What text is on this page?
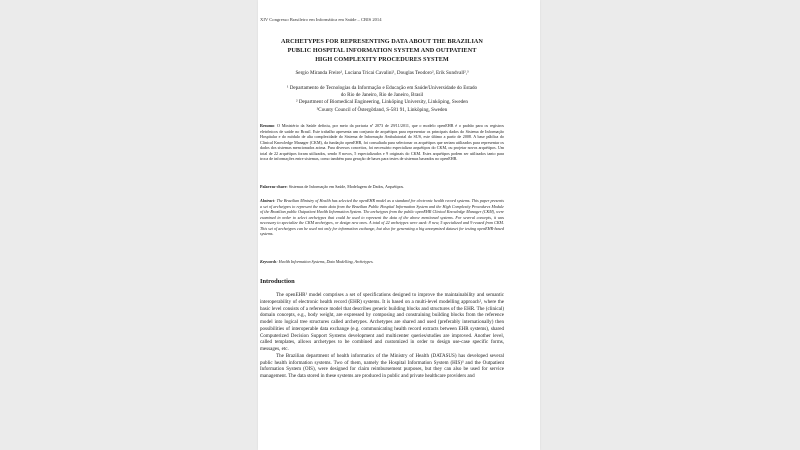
XIV Congresso Brasileiro em Informática em Saúde – CBIS 2014
ARCHETYPES FOR REPRESENTING DATA ABOUT THE BRAZILIAN
PUBLIC HOSPITAL INFORMATION SYSTEM AND OUTPATIENT
HIGH COMPLEXITY PROCEDURES SYSTEM
Sergio Miranda Freire¹, Luciana Tricai Cavalini¹, Douglas Teodoro², Erik Sundvall²,³
¹ Departamento de Tecnologias da Informação e Educação em Saúde/Universidade do Estado
do Rio de Janeiro, Rio de Janeiro, Brasil
² Department of Biomedical Engineering, Linköping University, Linköping, Sweden
³County Council of Östergötland, S-581 91, Linköping, Sweden
Resumo: O Ministério da Saúde definiu, por meio da portaria nº 2073 de 29/11/2011, que o modelo openEHR é o padrão para os registros eletrônicos de saúde no Brasil. Este trabalho apresenta um conjunto de arquétipos para representar os principais dados do Sistema de Informação Hospitalar e do módulo de alta complexidade do Sistema de Informação Ambulatorial do SUS, este último a partir de 2008. A base pública do Clinical Knowledge Manager (CKM), da fundação openEHR, foi consultada para selecionar os arquétipos que seriam utilizados para representar os dados dos sistemas mencionados acima. Para diversos conceitos, foi necessário especializar arquétipos do CKM, ou projetar novos arquétipos. Um total de 22 arquétipos foram utilizados, sendo 8 novos, 5 especializados e 9 originais do CKM. Estes arquétipos podem ser utilizados tanto para troca de informações entre sistemas, como também para geração de bases para testes de sistemas baseados no openEHR.
Palavras-chave: Sistemas de Informação em Saúde, Modelagem de Dados, Arquétipos.
Abstract: The Brazilian Ministry of Health has selected the openEHR model as a standard for electronic health record systems. This paper presents a set of archetypes to represent the main data from the Brazilian Public Hospital Information System and the High Complexity Procedures Module of the Brazilian public Outpatient Health Information System. The archetypes from the public openEHR Clinical Knowledge Manager (CKM), were examined in order to select archetypes that could be used to represent the data of the above mentioned systems. For several concepts, it was necessary to specialize the CKM archetypes, or design new ones. A total of 22 archetypes were used: 8 new, 5 specialized and 9 reused from CKM. This set of archetypes can be used not only for information exchange, but also for generating a big anonymized dataset for testing openEHR-based systems.
Keywords: Health Information Systems, Data Modelling, Archetypes.
Introduction

The openEHR¹ model comprises a set of specifications designed to improve the maintainability and semantic interoperability of electronic health record (EHR) systems. It is based on a multi-level modelling approach², where the basic level consists of a reference model that describes generic building blocks and structures of the EHR. The (clinical) domain concepts, e.g., body weight, are expressed by composing and constraining building blocks from the reference model into logical tree structures called archetypes. Archetypes are shared and used (preferably internationally) then possibilities of interoperable data exchange (e.g. communicating health record extracts between EHR systems), shared Computerized Decision Support Systems development and multicenter queries/studies are improved. Another level, called templates, allows archetypes to be combined and customized in order to design use-case specific forms, messages, etc.

The Brazilian department of health informatics of the Ministry of Health (DATASUS) has developed several public health information systems. Two of them, namely the Hospital Information System (HIS)³ and the Outpatient Information System (OIS), were designed for claim reimbursement purposes, but they can also be used for service management. The data stored in these systems are produced in public and private healthcare providers and
